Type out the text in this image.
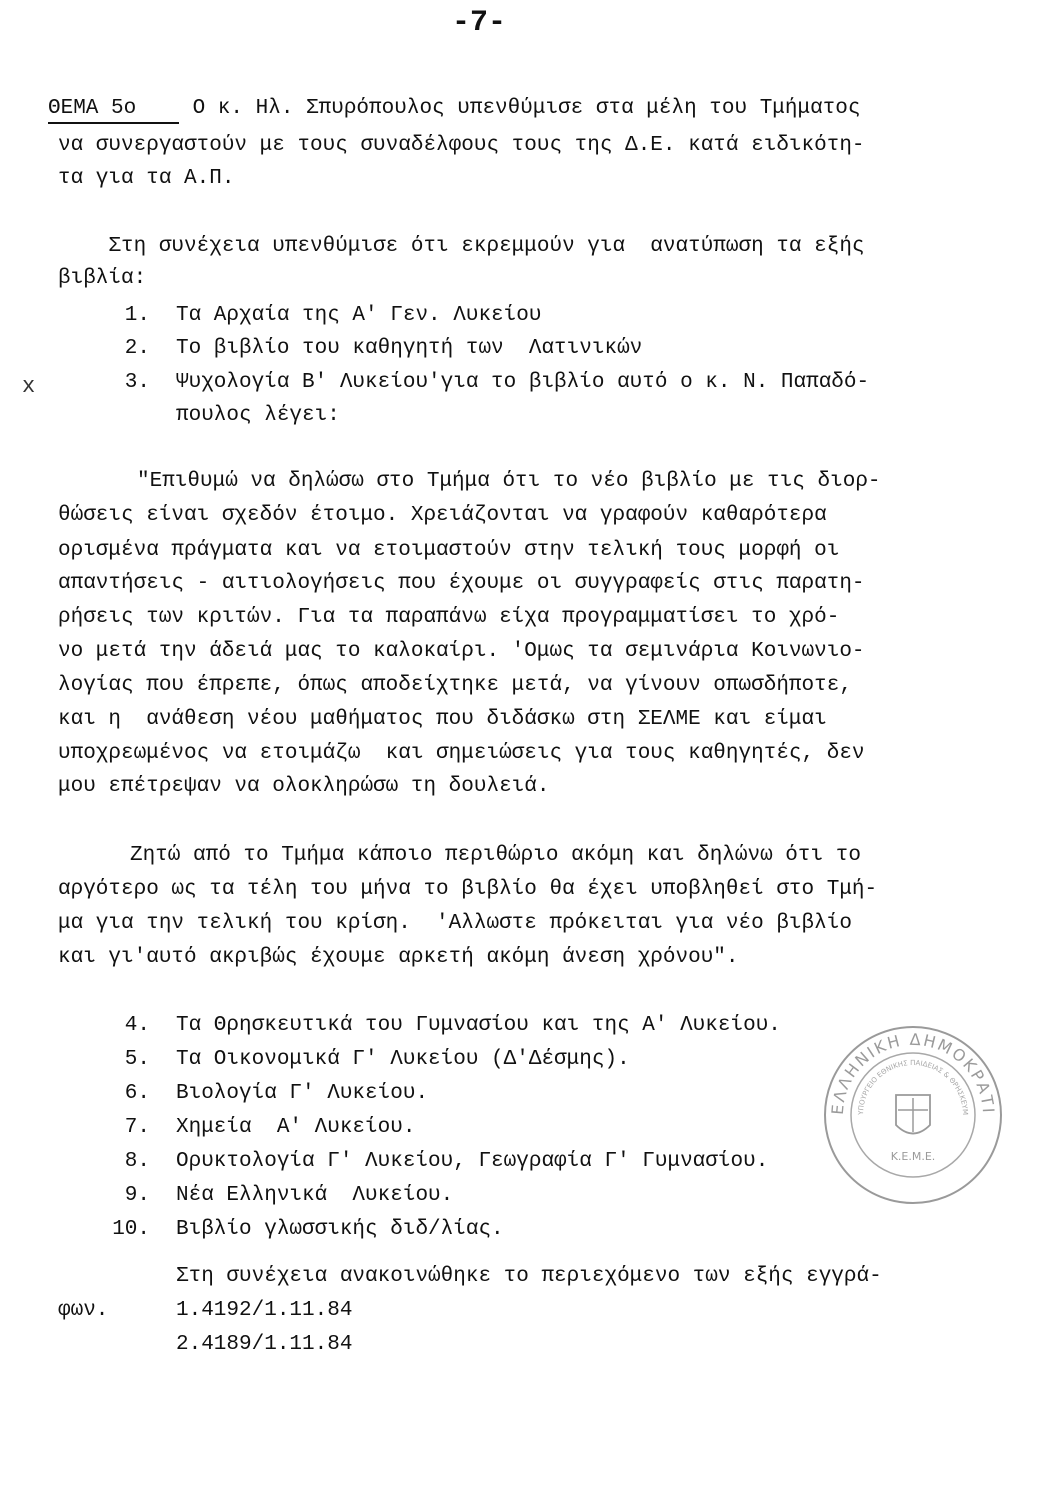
-7-
ΘΕΜΑ 5ο Ο κ. Ηλ. Σπυρόπουλος υπενθύμισε στα μέλη του Τμήματος
να συνεργαστούν με τους συναδέλφους τους της Δ.Ε. κατά ειδικότη-
τα για τα Α.Π.
Στη συνέχεια υπενθύμισε ότι εκρεμμούν για  ανατύπωση τα εξής
βιβλία:
1. Τα Αρχαία της Α' Γεν. Λυκείου
2. Το βιβλίο του καθηγητή των  Λατινικών
x	3. Ψυχολογία Β' Λυκείου'για το βιβλίο αυτό ο κ. Ν. Παπαδό-
πουλος λέγει:
"Επιθυμώ να δηλώσω στο Τμήμα ότι το νέο βιβλίο με τις διορ-
θώσεις είναι σχεδόν έτοιμο. Χρειάζονται να γραφούν καθαρότερα
ορισμένα πράγματα και να ετοιμαστούν στην τελική τους μορφή οι
απαντήσεις - αιτιολογήσεις που έχουμε οι συγγραφείς στις παρατη-
ρήσεις των κριτών. Για τα παραπάνω είχα προγραμματίσει το χρό-
νο μετά την άδειά μας το καλοκαίρι. 'Ομως τα σεμινάρια Κοινωνιο-
λογίας που έπρεπε, όπως αποδείχτηκε μετά, να γίνουν οπωσδήποτε,
και η  ανάθεση νέου μαθήματος που διδάσκω στη ΣΕΛΜΕ και είμαι
υποχρεωμένος να ετοιμάζω  και σημειώσεις για τους καθηγητές, δεν
μου επέτρεψαν να ολοκληρώσω τη δουλειά.
Ζητώ από το Τμήμα κάποιο περιθώριο ακόμη και δηλώνω ότι το
αργότερο ως τα τέλη του μήνα το βιβλίο θα έχει υποβληθεί στο Τμή-
μα για την τελική του κρίση.  'Αλλωστε πρόκειται για νέο βιβλίο
και γι'αυτό ακριβώς έχουμε αρκετή ακόμη άνεση χρόνου".
4. Τα Θρησκευτικά του Γυμνασίου και της Α' Λυκείου.
5. Τα Οικονομικά Γ' Λυκείου (Δ'Δέσμης).
6. Βιολογία Γ' Λυκείου.
7. Χημεία  Α' Λυκείου.
8. Ορυκτολογία Γ' Λυκείου, Γεωγραφία Γ' Γυμνασίου.
9. Νέα Ελληνικά  Λυκείου.
10. Βιβλίο γλωσσικής διδ/λίας.
Στη συνέχεια ανακοινώθηκε το περιεχόμενο των εξής εγγρά-
φων.	1.4192/1.11.84
2.4189/1.11.84
ΕΛΛΗΝΙΚΗ ΔΗΜΟΚΡΑΤΙ
ΥΠΟΥΡΓΕΙΟ ΕΘΝΙΚΗΣ ΠΑΙΔΕΙΑΣ & ΘΡΗΣΚΕΥΜ
Κ.Ε.Μ.Ε.
